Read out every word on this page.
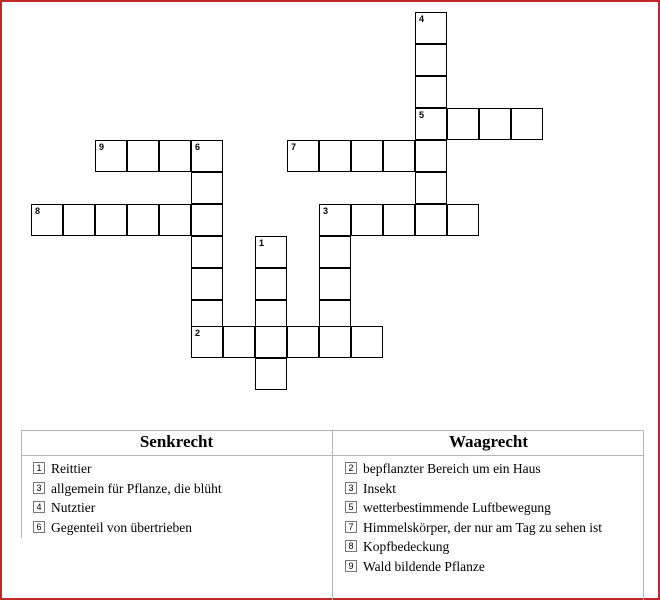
4
5
9	6	7
8	3
1
2
Senkrecht
1 Reittier
3 allgemein für Pflanze, die blüht
4 Nutztier
6 Gegenteil von übertrieben
Waagrecht
2 bepflanzter Bereich um ein Haus
3 Insekt
5 wetterbestimmende Luftbewegung
7 Himmelskörper, der nur am Tag zu sehen ist
8 Kopfbedeckung
9 Wald bildende Pflanze
